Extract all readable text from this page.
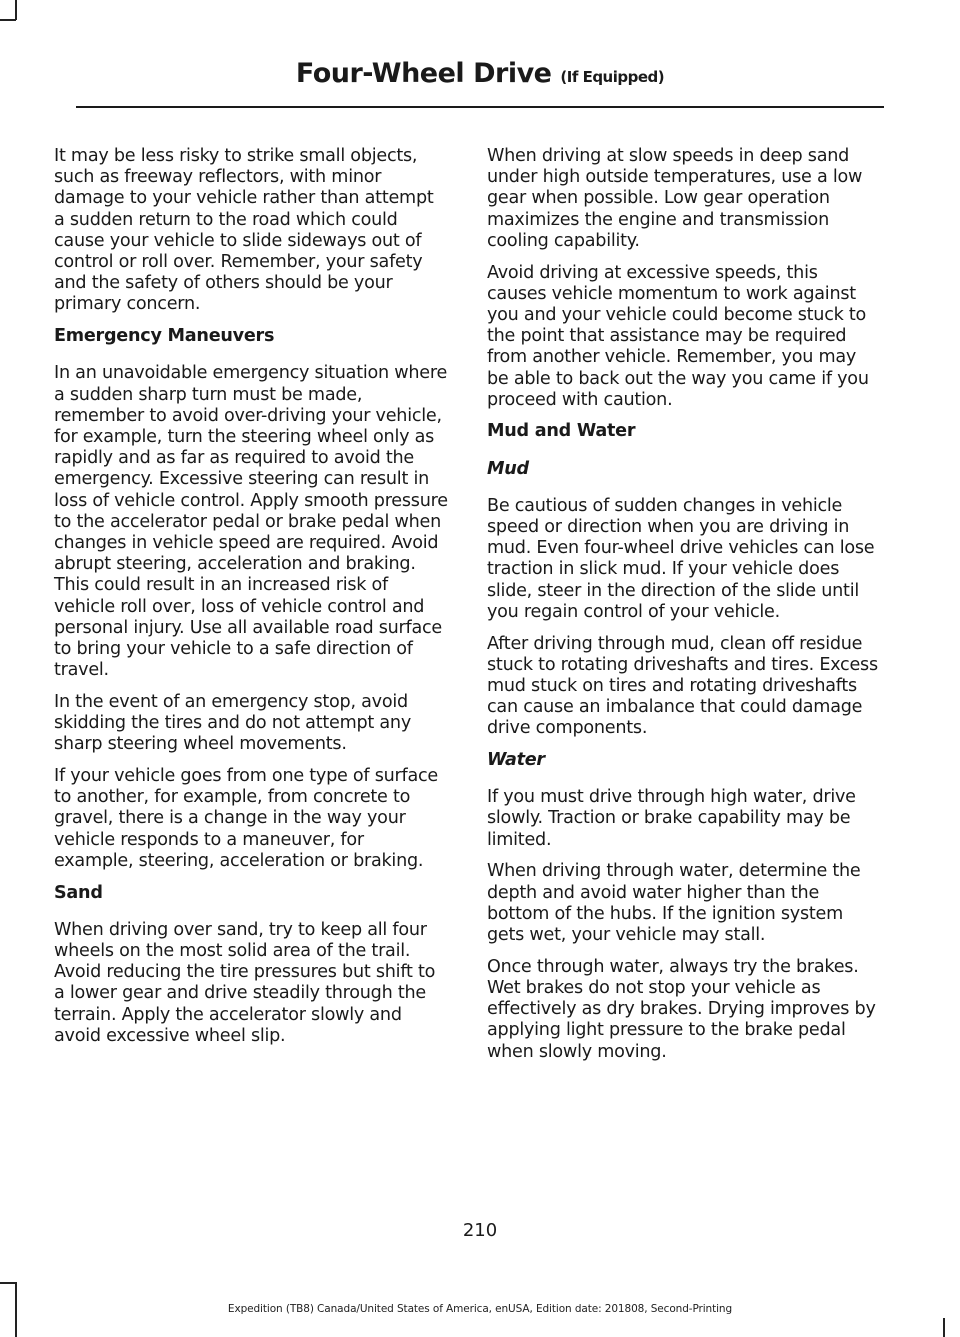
Four-Wheel Drive (If Equipped)

It may be less risky to strike small objects, such as freeway reflectors, with minor damage to your vehicle rather than attempt a sudden return to the road which could cause your vehicle to slide sideways out of control or roll over. Remember, your safety and the safety of others should be your primary concern.

Emergency Maneuvers

In an unavoidable emergency situation where a sudden sharp turn must be made, remember to avoid over-driving your vehicle, for example, turn the steering wheel only as rapidly and as far as required to avoid the emergency. Excessive steering can result in loss of vehicle control. Apply smooth pressure to the accelerator pedal or brake pedal when changes in vehicle speed are required. Avoid abrupt steering, acceleration and braking. This could result in an increased risk of vehicle roll over, loss of vehicle control and personal injury. Use all available road surface to bring your vehicle to a safe direction of travel.

In the event of an emergency stop, avoid skidding the tires and do not attempt any sharp steering wheel movements.

If your vehicle goes from one type of surface to another, for example, from concrete to gravel, there is a change in the way your vehicle responds to a maneuver, for example, steering, acceleration or braking.

Sand

When driving over sand, try to keep all four wheels on the most solid area of the trail. Avoid reducing the tire pressures but shift to a lower gear and drive steadily through the terrain. Apply the accelerator slowly and avoid excessive wheel slip.

When driving at slow speeds in deep sand under high outside temperatures, use a low gear when possible. Low gear operation maximizes the engine and transmission cooling capability.

Avoid driving at excessive speeds, this causes vehicle momentum to work against you and your vehicle could become stuck to the point that assistance may be required from another vehicle. Remember, you may be able to back out the way you came if you proceed with caution.

Mud and Water
Mud

Be cautious of sudden changes in vehicle speed or direction when you are driving in mud. Even four-wheel drive vehicles can lose traction in slick mud. If your vehicle does slide, steer in the direction of the slide until you regain control of your vehicle.

After driving through mud, clean off residue stuck to rotating driveshafts and tires. Excess mud stuck on tires and rotating driveshafts can cause an imbalance that could damage drive components.

Water

If you must drive through high water, drive slowly. Traction or brake capability may be limited.

When driving through water, determine the depth and avoid water higher than the bottom of the hubs. If the ignition system gets wet, your vehicle may stall.

Once through water, always try the brakes. Wet brakes do not stop your vehicle as effectively as dry brakes. Drying improves by applying light pressure to the brake pedal when slowly moving.

210
Expedition (TB8) Canada/United States of America, enUSA, Edition date: 201808, Second-Printing
